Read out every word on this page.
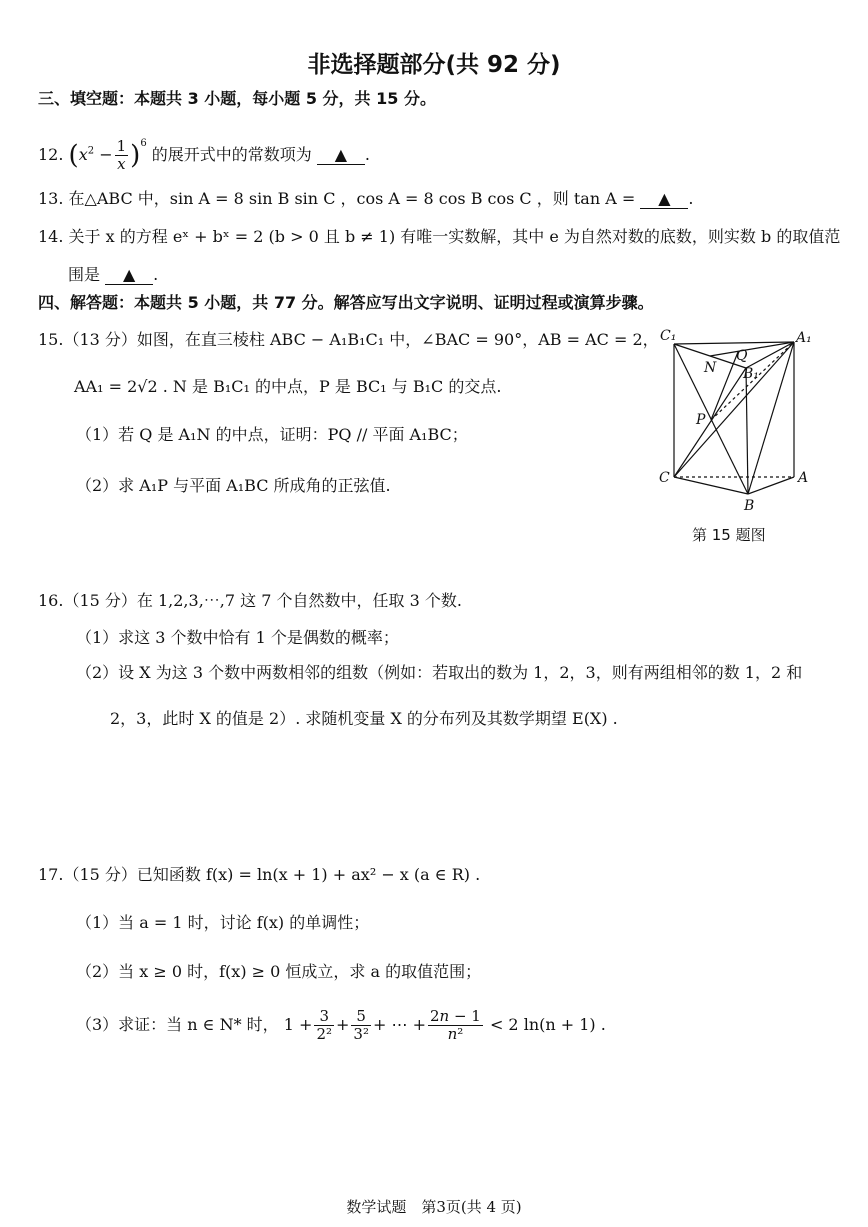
非选择题部分(共 92 分)
三、填空题：本题共 3 小题，每小题 5 分，共 15 分。
12. $(x^2 - \frac{1}{x} )^6$ 的展开式中的常数项为 ▲ .
13. 在△ABC 中，sin A = 8 sin B sin C ，cos A = 8 cos B cos C ，则 tan A = ▲ .
14. 关于 x 的方程 eˣ + bˣ = 2 (b > 0 且 b ≠ 1) 有唯一实数解，其中 e 为自然对数的底数，则实数 b 的取值范
围是 ▲ .
四、解答题：本题共 5 小题，共 77 分。解答应写出文字说明、证明过程或演算步骤。
15.（13 分）如图，在直三棱柱 ABC − A₁B₁C₁ 中，∠BAC = 90°，AB = AC = 2，
AA₁ = 2√2 . N 是 B₁C₁ 的中点，P 是 BC₁ 与 B₁C 的交点.
（1）若 Q 是 A₁N 的中点，证明：PQ // 平面 A₁BC；
（2）求 A₁P 与平面 A₁BC 所成角的正弦值.
C₁	A₁
Q
N B₁
P
C	A
B
第 15 题图
16.（15 分）在 1,2,3,⋯,7 这 7 个自然数中，任取 3 个数.
（1）求这 3 个数中恰有 1 个是偶数的概率；
（2）设 X 为这 3 个数中两数相邻的组数（例如：若取出的数为 1，2，3，则有两组相邻的数 1，2 和
2，3，此时 X 的值是 2）. 求随机变量 X 的分布列及其数学期望 E(X) .
17.（15 分）已知函数 f(x) = ln(x + 1) + ax² − x (a ∈ R) .
（1）当 a = 1 时，讨论 f(x) 的单调性；
（2）当 x ≥ 0 时，f(x) ≥ 0 恒成立，求 a 的取值范围；
（3）求证：当 n ∈ N* 时， $1 + \frac{3}{\text{2²}} + \frac{5}{\text{3²}}$ + ⋯ + $\frac{2n - 1}{\text{n²}} < 2$ ln(n + 1) .
数学试题　第3页(共 4 页)
